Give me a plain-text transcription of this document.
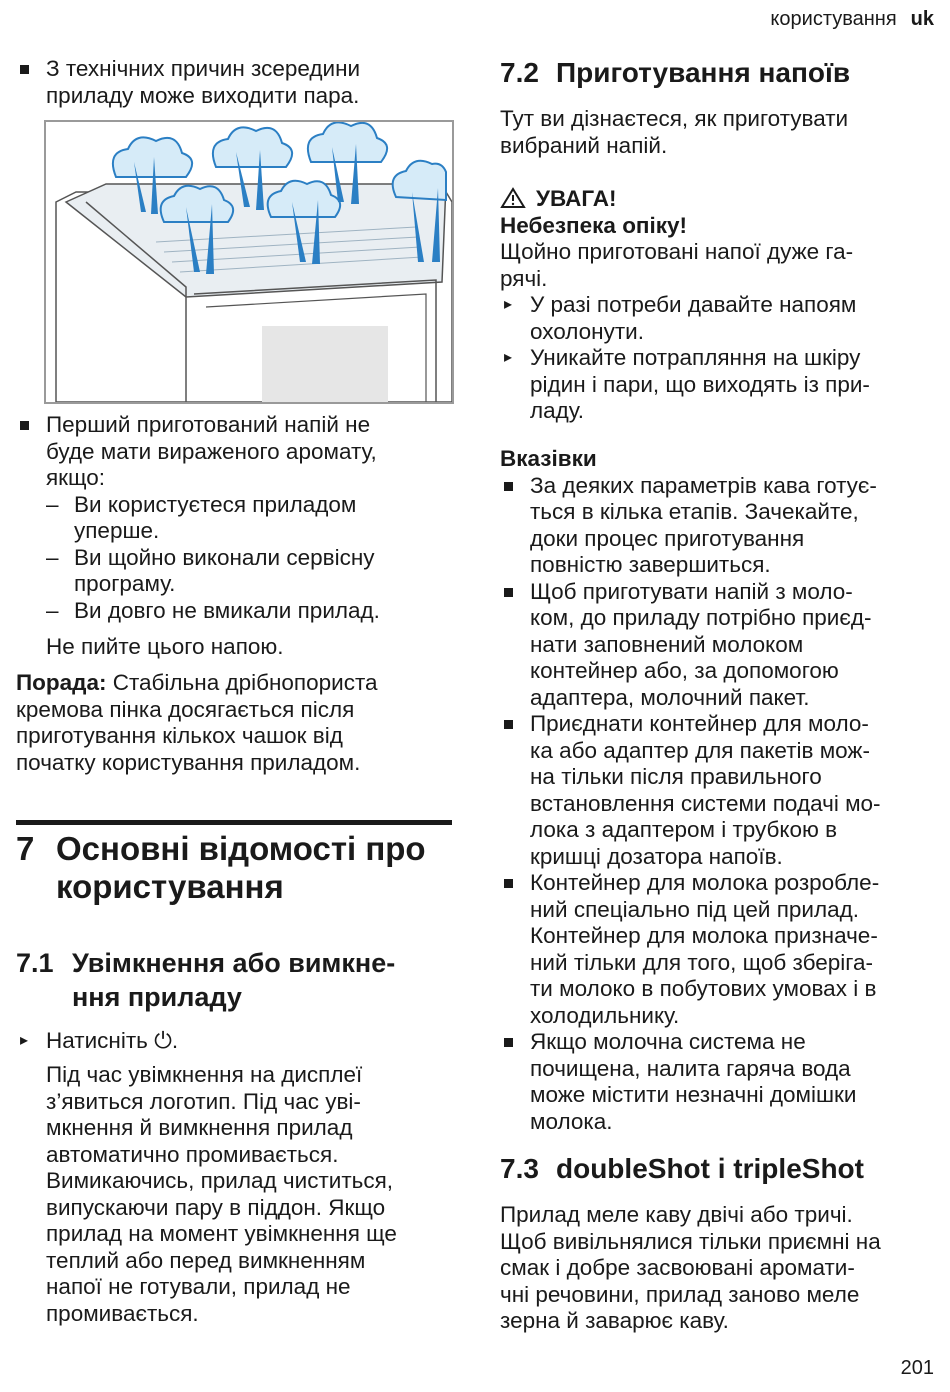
користування uk
З технічних причин зсередини
приладу може виходити пара.
Перший приготований напій не
буде мати вираженого аромату,
якщо:
– Ви користуєтеся приладом
уперше.
– Ви щойно виконали сервісну
програму.
– Ви довго не вмикали прилад.
Не пийте цього напою.
Порада: Стабільна дрібнопориста
кремова пінка досягається після
приготування кількох чашок від
початку користування приладом.
7 Основні відомості про
користування
7.1 Увімкнення або вимкне-
ння приладу
▸ Натисніть ⏻.
Під час увімкнення на дисплеї
з’явиться логотип. Під час уві-
мкнення й вимкнення прилад
автоматично промивається.
Вимикаючись, прилад чиститься,
випускаючи пару в піддон. Якщо
прилад на момент увімкнення ще
теплий або перед вимкненням
напої не готували, прилад не
промивається.
7.2 Приготування напоїв
Тут ви дізнаєтеся, як приготувати
вибраний напій.
УВАГА!
Небезпека опіку!
Щойно приготовані напої дуже га-
рячі.
▸ У разі потреби давайте напоям
охолонути.
▸ Уникайте потрапляння на шкіру
рідин і пари, що виходять із при-
ладу.
Вказівки
За деяких параметрів кава готує-
ться в кілька етапів. Зачекайте,
доки процес приготування
повністю завершиться.
Щоб приготувати напій з моло-
ком, до приладу потрібно приєд-
нати заповнений молоком
контейнер або, за допомогою
адаптера, молочний пакет.
Приєднати контейнер для моло-
ка або адаптер для пакетів мож-
на тільки після правильного
встановлення системи подачі мо-
лока з адаптером і трубкою в
кришці дозатора напоїв.
Контейнер для молока розробле-
ний спеціально під цей прилад.
Контейнер для молока призначе-
ний тільки для того, щоб зберіга-
ти молоко в побутових умовах і в
холодильнику.
Якщо молочна система не
почищена, налита гаряча вода
може містити незначні домішки
молока.
7.3 doubleShot і tripleShot
Прилад меле каву двічі або тричі.
Щоб вивільнялися тільки приємні на
смак і добре засвоювані аромати-
чні речовини, прилад заново меле
зерна й заварює каву.
201
